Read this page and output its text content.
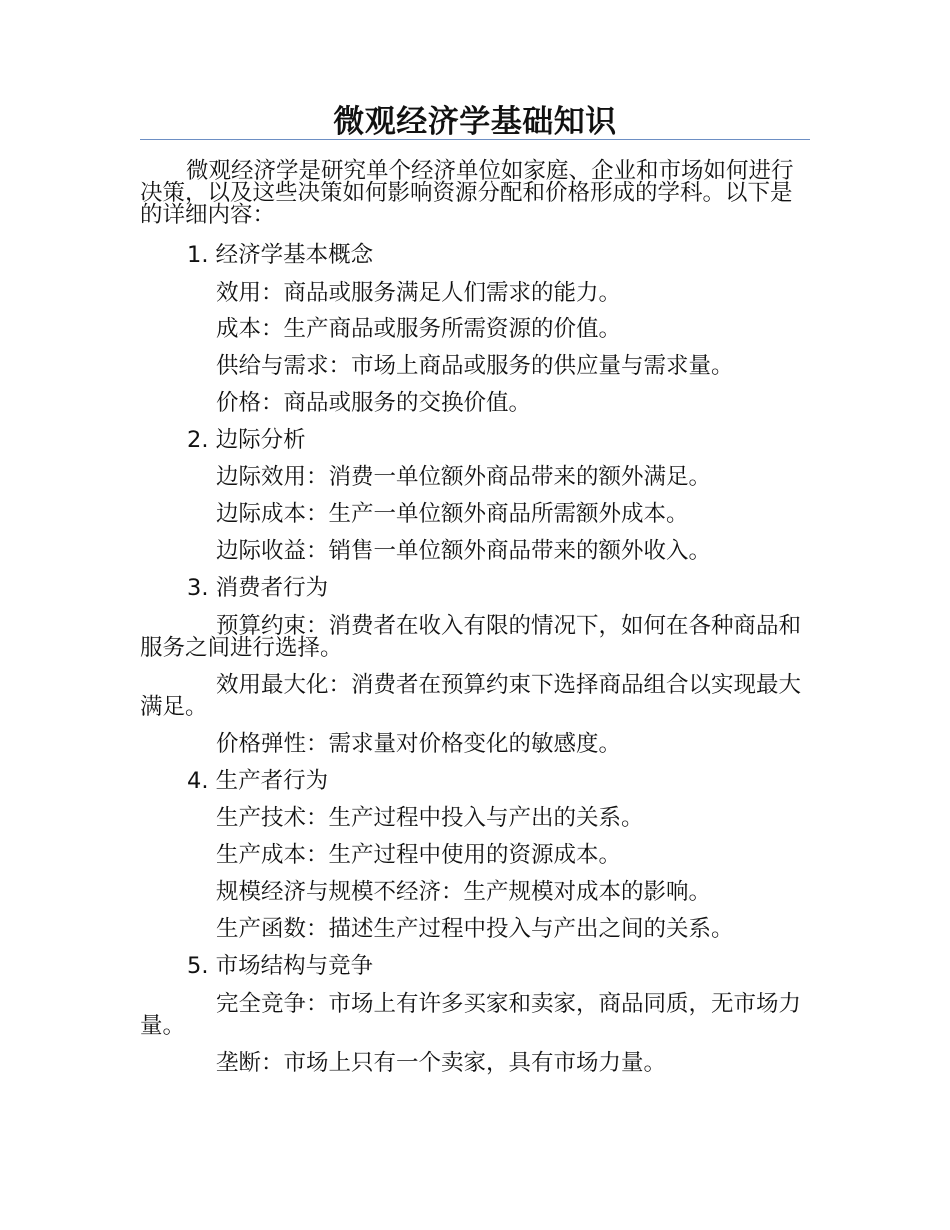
微观经济学基础知识

微观经济学是研究单个经济单位如家庭、企业和市场如何进行决策，以及这些决策如何影响资源分配和价格形成的学科。以下是的详细内容：

1. 经济学基本概念
效用：商品或服务满足人们需求的能力。
成本：生产商品或服务所需资源的价值。
供给与需求：市场上商品或服务的供应量与需求量。
价格：商品或服务的交换价值。
2. 边际分析
边际效用：消费一单位额外商品带来的额外满足。
边际成本：生产一单位额外商品所需额外成本。
边际收益：销售一单位额外商品带来的额外收入。
3. 消费者行为

预算约束：消费者在收入有限的情况下，如何在各种商品和服务之间进行选择。

效用最大化：消费者在预算约束下选择商品组合以实现最大满足。

价格弹性：需求量对价格变化的敏感度。
4. 生产者行为
生产技术：生产过程中投入与产出的关系。
生产成本：生产过程中使用的资源成本。
规模经济与规模不经济：生产规模对成本的影响。
生产函数：描述生产过程中投入与产出之间的关系。
5. 市场结构与竞争

完全竞争：市场上有许多买家和卖家，商品同质，无市场力量。

垄断：市场上只有一个卖家，具有市场力量。
